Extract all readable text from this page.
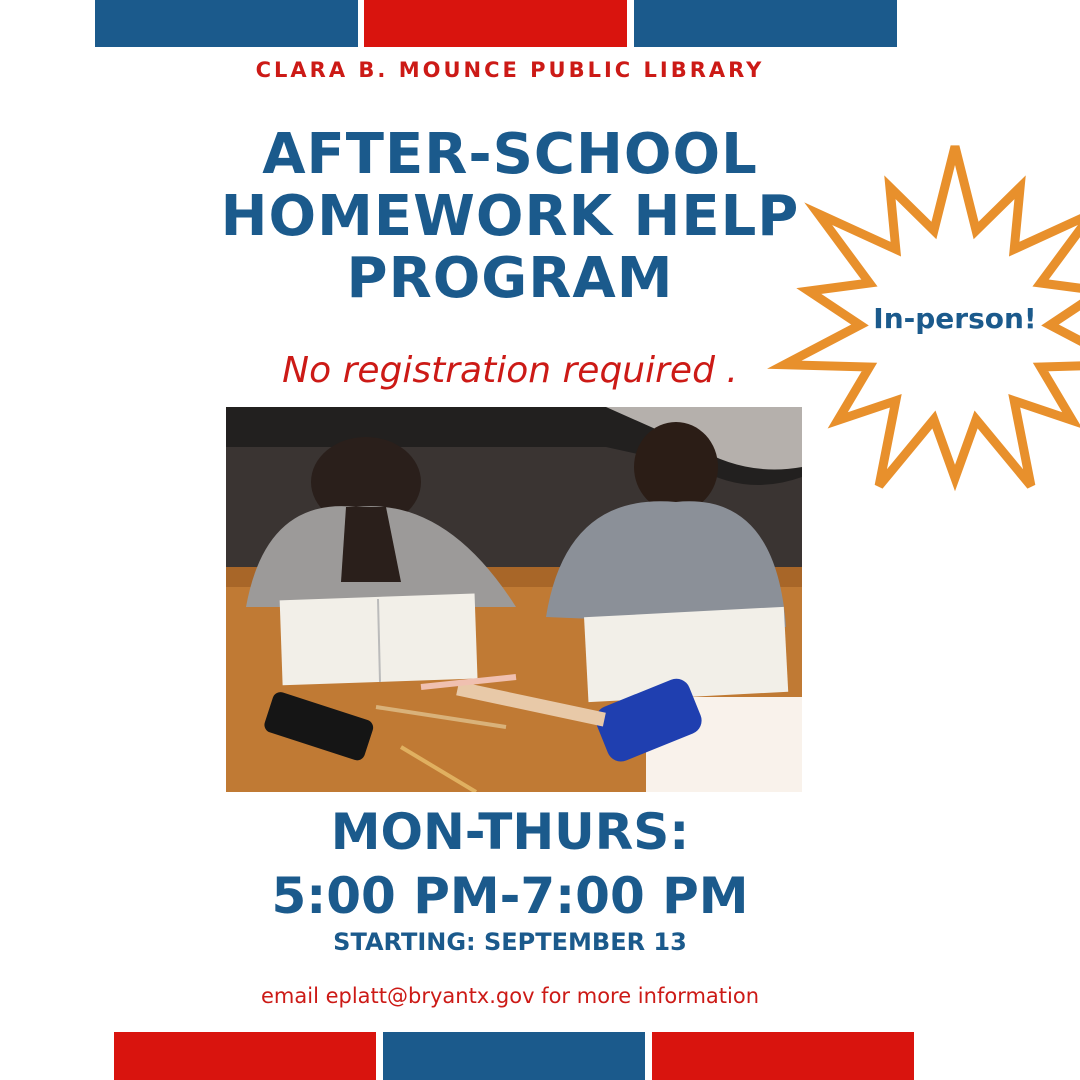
CLARA B. MOUNCE PUBLIC LIBRARY
AFTER-SCHOOL
HOMEWORK HELP
PROGRAM
No registration required .
In-person!
MON-THURS:
5:00 PM-7:00 PM
STARTING: SEPTEMBER 13
email eplatt@bryantx.gov for more information
